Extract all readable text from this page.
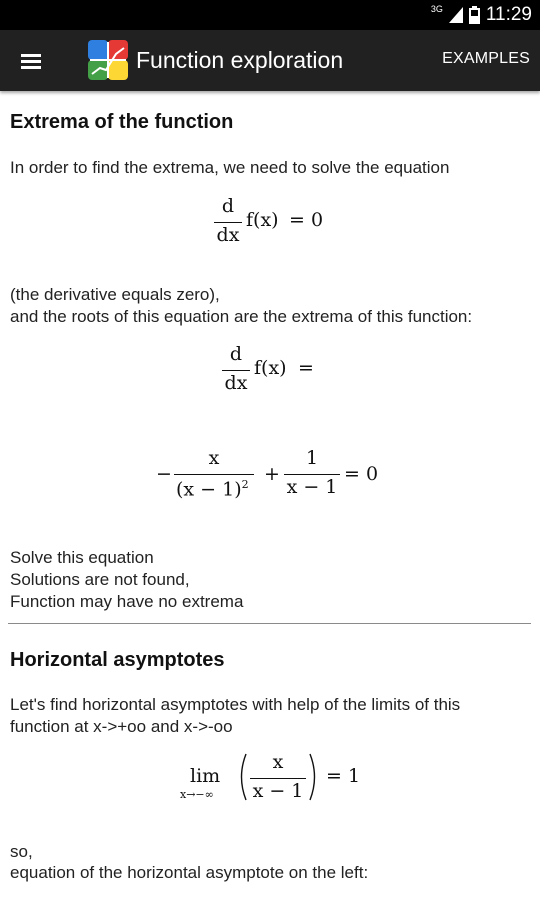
3G 11:29
Function exploration	EXAMPLES
Extrema of the function
In order to find the extrema, we need to solve the equation
d
dx
f(x) = 0
(the derivative equals zero),
and the roots of this equation are the extrema of this function:
d
dx
f(x) =
−
x
$(x - 1)^2$ +
1
x − 1
= 0
Solve this equation
Solutions are not found,
Function may have no extrema
Horizontal asymptotes
Let's find horizontal asymptotes with help of the limits of this
function at x->+oo and x->-oo
lim
x→−∞
x
x − 1
= 1
so,
equation of the horizontal asymptote on the left:
